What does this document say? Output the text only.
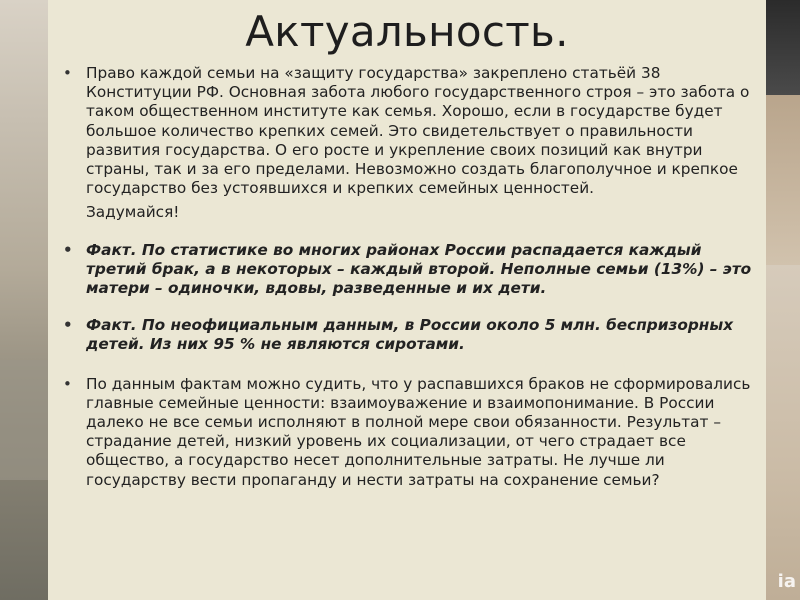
ia
Актуальность.
• Право каждой семьи на «защиту государства» закреплено статьёй 38 Конституции РФ. Основная забота любого государственного строя – это забота о таком общественном институте как семья. Хорошо, если в государстве будет большое количество крепких семей. Это свидетельствует о правильности развития государства. О его росте и укрепление своих позиций как внутри страны, так и за его пределами. Невозможно создать благополучное и крепкое государство без устоявшихся и крепких семейных ценностей.
Задумайся!
• Факт. По статистике во многих районах России распадается каждый третий брак, а в некоторых – каждый второй. Неполные семьи (13%) – это матери – одиночки, вдовы, разведенные и их дети.
• Факт. По неофициальным данным, в России около 5 млн. беспризорных детей. Из них 95 % не являются сиротами.
• По данным фактам можно судить, что у распавшихся браков не сформировались главные семейные ценности: взаимоуважение и взаимопонимание. В России далеко не все семьи исполняют в полной мере свои обязанности. Результат – страдание детей, низкий уровень их социализации, от чего страдает все общество, а государство несет дополнительные затраты. Не лучше ли государству вести пропаганду и нести затраты на сохранение семьи?
